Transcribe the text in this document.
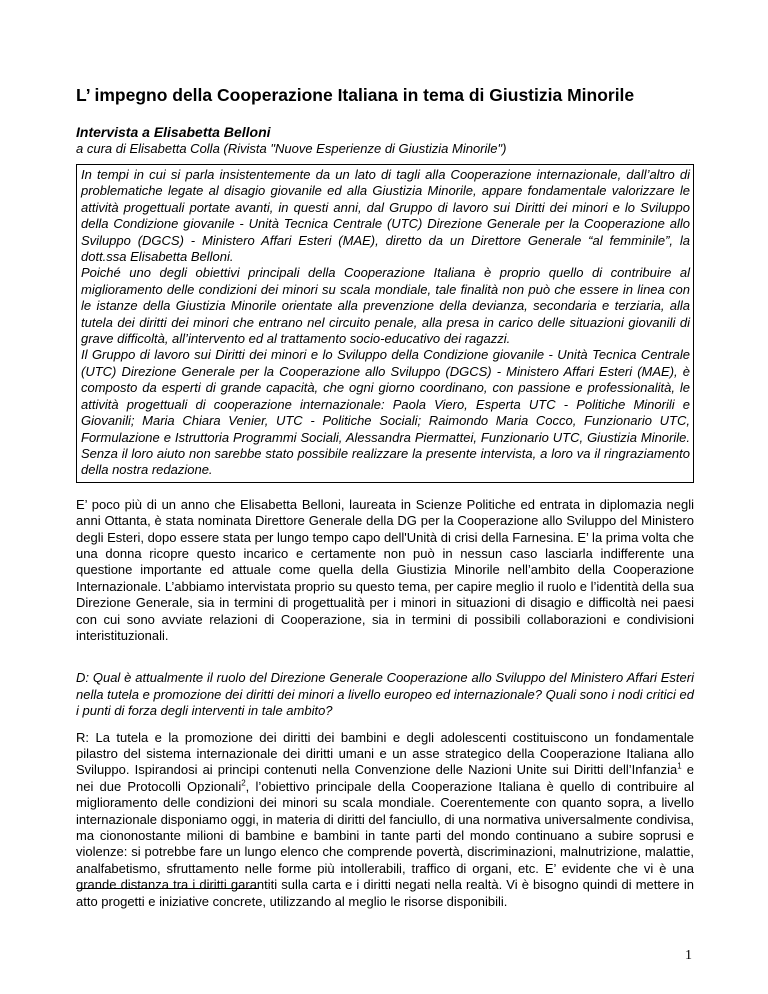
L’ impegno della Cooperazione Italiana in tema di Giustizia Minorile

Intervista a Elisabetta Belloni

a cura di Elisabetta Colla (Rivista "Nuove Esperienze di Giustizia Minorile")

In tempi in cui si parla insistentemente da un lato di tagli alla Cooperazione internazionale, dall’altro di problematiche legate al disagio giovanile ed alla Giustizia Minorile, appare fondamentale valorizzare le attività progettuali portate avanti, in questi anni, dal Gruppo di lavoro sui Diritti dei minori e lo Sviluppo della Condizione giovanile - Unità Tecnica Centrale (UTC) Direzione Generale per la Cooperazione allo Sviluppo (DGCS) - Ministero Affari Esteri (MAE), diretto da un Direttore Generale “al femminile”, la dott.ssa Elisabetta Belloni.

Poiché uno degli obiettivi principali della Cooperazione Italiana è proprio quello di contribuire al miglioramento delle condizioni dei minori su scala mondiale, tale finalità non può che essere in linea con le istanze della Giustizia Minorile orientate alla prevenzione della devianza, secondaria e terziaria, alla tutela dei diritti dei minori che entrano nel circuito penale, alla presa in carico delle situazioni giovanili di grave difficoltà, all’intervento ed al trattamento socio-educativo dei ragazzi.

Il Gruppo di lavoro sui Diritti dei minori e lo Sviluppo della Condizione giovanile - Unità Tecnica Centrale (UTC) Direzione Generale per la Cooperazione allo Sviluppo (DGCS) - Ministero Affari Esteri (MAE), è composto da esperti di grande capacità, che ogni giorno coordinano, con passione e professionalità, le attività progettuali di cooperazione internazionale: Paola Viero, Esperta UTC - Politiche Minorili e Giovanili; Maria Chiara Venier, UTC - Politiche Sociali; Raimondo Maria Cocco, Funzionario UTC, Formulazione e Istruttoria Programmi Sociali, Alessandra Piermattei, Funzionario UTC, Giustizia Minorile. Senza il loro aiuto non sarebbe stato possibile realizzare la presente intervista, a loro va il ringraziamento della nostra redazione.

E’ poco più di un anno che Elisabetta Belloni, laureata in Scienze Politiche ed entrata in diplomazia negli anni Ottanta, è stata nominata Direttore Generale della DG per la Cooperazione allo Sviluppo del Ministero degli Esteri, dopo essere stata per lungo tempo capo dell'Unità di crisi della Farnesina. E’ la prima volta che una donna ricopre questo incarico e certamente non può in nessun caso lasciarla indifferente una questione importante ed attuale come quella della Giustizia Minorile nell’ambito della Cooperazione Internazionale. L’abbiamo intervistata proprio su questo tema, per capire meglio il ruolo e l’identità della sua Direzione Generale, sia in termini di progettualità per i minori in situazioni di disagio e difficoltà nei paesi con cui sono avviate relazioni di Cooperazione, sia in termini di possibili collaborazioni e condivisioni interistituzionali.

D: Qual è attualmente il ruolo del Direzione Generale Cooperazione allo Sviluppo del Ministero Affari Esteri nella tutela e promozione dei diritti dei minori a livello europeo ed internazionale? Quali sono i nodi critici ed i punti di forza degli interventi in tale ambito?

R: La tutela e la promozione dei diritti dei bambini e degli adolescenti costituiscono un fondamentale pilastro del sistema internazionale dei diritti umani e un asse strategico della Cooperazione Italiana allo Sviluppo. Ispirandosi ai principi contenuti nella Convenzione delle Nazioni Unite sui Diritti dell’Infanzia$^1$ e nei due Protocolli Opzionali$^2$, l’obiettivo principale della Cooperazione Italiana è quello di contribuire al miglioramento delle condizioni dei minori su scala mondiale. Coerentemente con quanto sopra, a livello internazionale disponiamo oggi, in materia di diritti del fanciullo, di una normativa universalmente condivisa, ma ciononostante milioni di bambine e bambini in tante parti del mondo continuano a subire soprusi e violenze: si potrebbe fare un lungo elenco che comprende povertà, discriminazioni, malnutrizione, malattie, analfabetismo, sfruttamento nelle forme più intollerabili, traffico di organi, etc. E’ evidente che vi è una grande distanza tra i diritti garantiti sulla carta e i diritti negati nella realtà. Vi è bisogno quindi di mettere in atto progetti e iniziative concrete, utilizzando al meglio le risorse disponibili.

1
